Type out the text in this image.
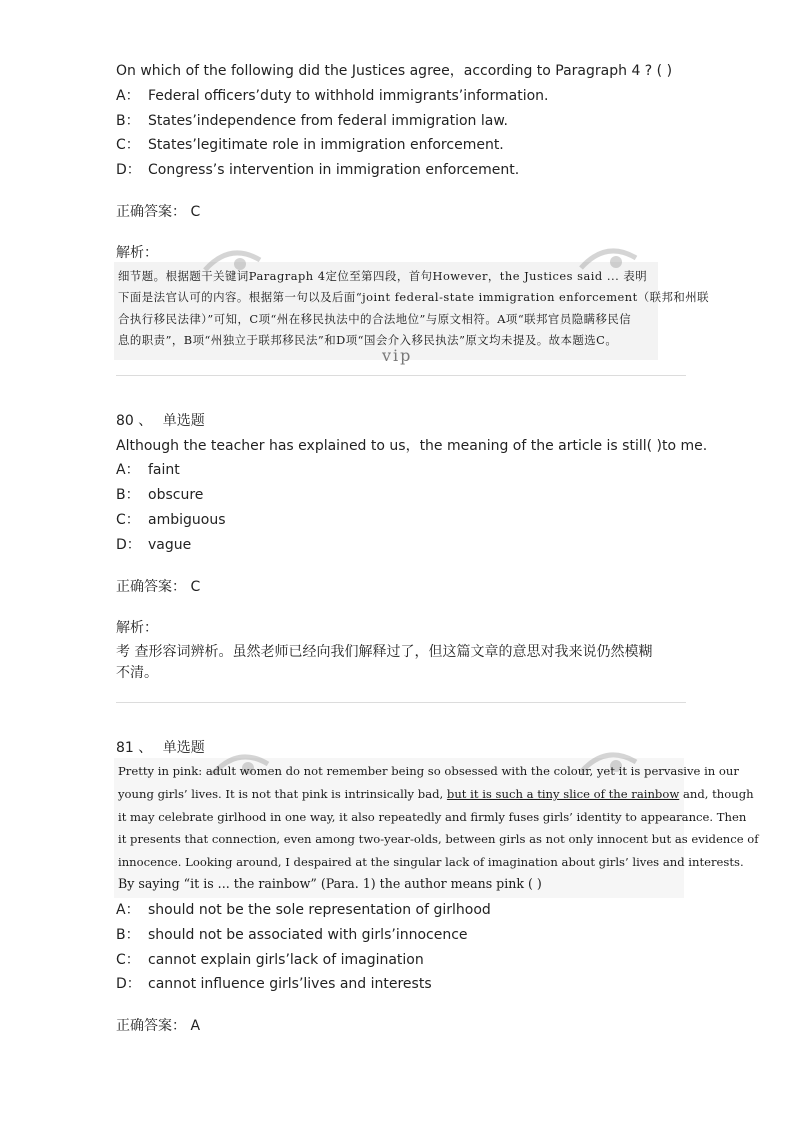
On which of the following did the Justices agree，according to Paragraph 4 ? ( )
A： Federal officers’duty to withhold immigrants’information.
B： States’independence from federal immigration law.
C： States’legitimate role in immigration enforcement.
D： Congress’s intervention in immigration enforcement.
正确答案： C
解析：
细节题。根据题干关键词Paragraph 4定位至第四段，首句However，the Justices said ... 表明
下面是法官认可的内容。根据第一句以及后面“joint federal-state immigration enforcement（联邦和州联
合执行移民法律）”可知，C项“州在移民执法中的合法地位”与原文相符。A项“联邦官员隐瞒移民信
息的职责”，B项“州独立于联邦移民法”和D项“国会介入移民执法”原文均未提及。故本题选C。
vip
80 、 单选题
Although the teacher has explained to us，the meaning of the article is still( )to me.
A： faint
B： obscure
C： ambiguous
D： vague
正确答案： C
解析：
考 查形容词辨析。虽然老师已经向我们解释过了，但这篇文章的意思对我来说仍然模糊
不清。
81 、 单选题
Pretty in pink: adult women do not remember being so obsessed with the colour, yet it is pervasive in our
young girls’ lives. It is not that pink is intrinsically bad, but it is such a tiny slice of the rainbow and, though
it may celebrate girlhood in one way, it also repeatedly and firmly fuses girls’ identity to appearance. Then
it presents that connection, even among two-year-olds, between girls as not only innocent but as evidence of
innocence. Looking around, I despaired at the singular lack of imagination about girls’ lives and interests.
By saying “it is ... the rainbow” (Para. 1) the author means pink ( )
A： should not be the sole representation of girlhood
B： should not be associated with girls’innocence
C： cannot explain girls’lack of imagination
D： cannot influence girls’lives and interests
正确答案： A
